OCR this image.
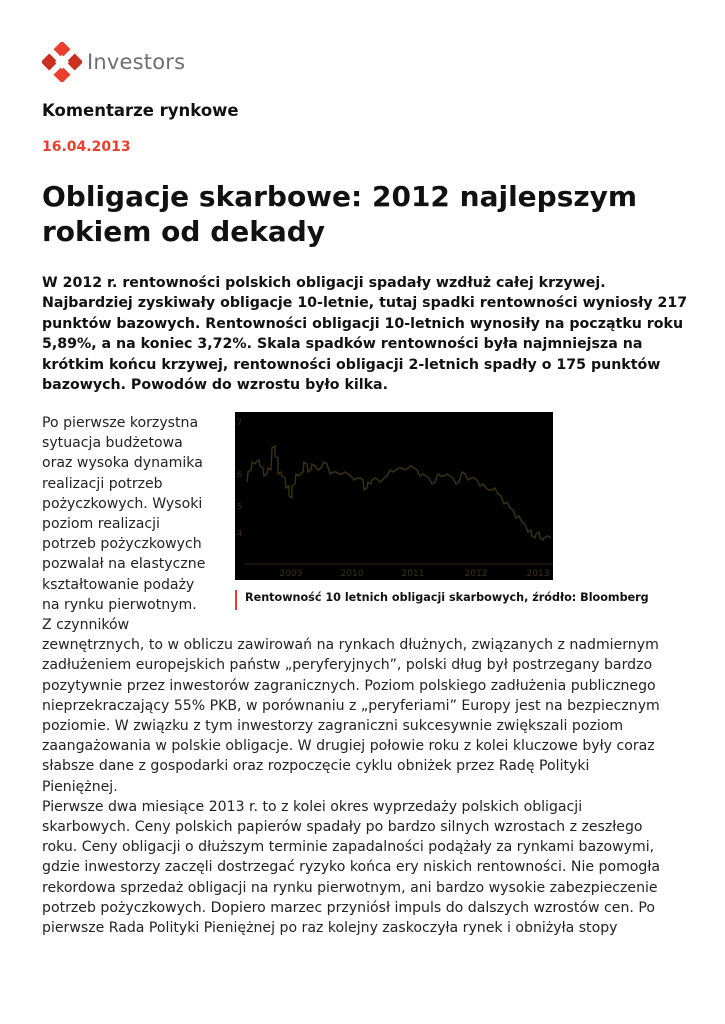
Investors
Komentarze rynkowe
16.04.2013
Obligacje skarbowe: 2012 najlepszym rokiem od dekady

W 2012 r. rentowności polskich obligacji spadały wzdłuż całej krzywej. Najbardziej zyskiwały obligacje 10-letnie, tutaj spadki rentowności wyniosły 217 punktów bazowych. Rentowności obligacji 10-letnich wynosiły na początku roku 5,89%, a na koniec 3,72%. Skala spadków rentowności była najmniejsza na krótkim końcu krzywej, rentowności obligacji 2-letnich spadły o 175 punktów bazowych. Powodów do wzrostu było kilka.

7
6
5
4
2009	2010	2011	2012	2013
Rentowność 10 letnich obligacji skarbowych, źródło: Bloomberg
Po pierwsze korzystna
sytuacja budżetowa
oraz wysoka dynamika
realizacji potrzeb
pożyczkowych. Wysoki
poziom realizacji
potrzeb pożyczkowych
pozwalał na elastyczne
kształtowanie podaży
na rynku pierwotnym.
Z czynników
zewnętrznych, to w obliczu zawirowań na rynkach dłużnych, związanych z nadmiernym
zadłużeniem europejskich państw „peryferyjnych”, polski dług był postrzegany bardzo
pozytywnie przez inwestorów zagranicznych. Poziom polskiego zadłużenia publicznego
nieprzekraczający 55% PKB, w porównaniu z „peryferiami” Europy jest na bezpiecznym
poziomie. W związku z tym inwestorzy zagraniczni sukcesywnie zwiększali poziom
zaangażowania w polskie obligacje. W drugiej połowie roku z kolei kluczowe były coraz
słabsze dane z gospodarki oraz rozpoczęcie cyklu obniżek przez Radę Polityki
Pieniężnej.
Pierwsze dwa miesiące 2013 r. to z kolei okres wyprzedaży polskich obligacji
skarbowych. Ceny polskich papierów spadały po bardzo silnych wzrostach z zeszłego
roku. Ceny obligacji o dłuższym terminie zapadalności podążały za rynkami bazowymi,
gdzie inwestorzy zaczęli dostrzegać ryzyko końca ery niskich rentowności. Nie pomogła
rekordowa sprzedaż obligacji na rynku pierwotnym, ani bardzo wysokie zabezpieczenie
potrzeb pożyczkowych. Dopiero marzec przyniósł impuls do dalszych wzrostów cen. Po
pierwsze Rada Polityki Pieniężnej po raz kolejny zaskoczyła rynek i obniżyła stopy
